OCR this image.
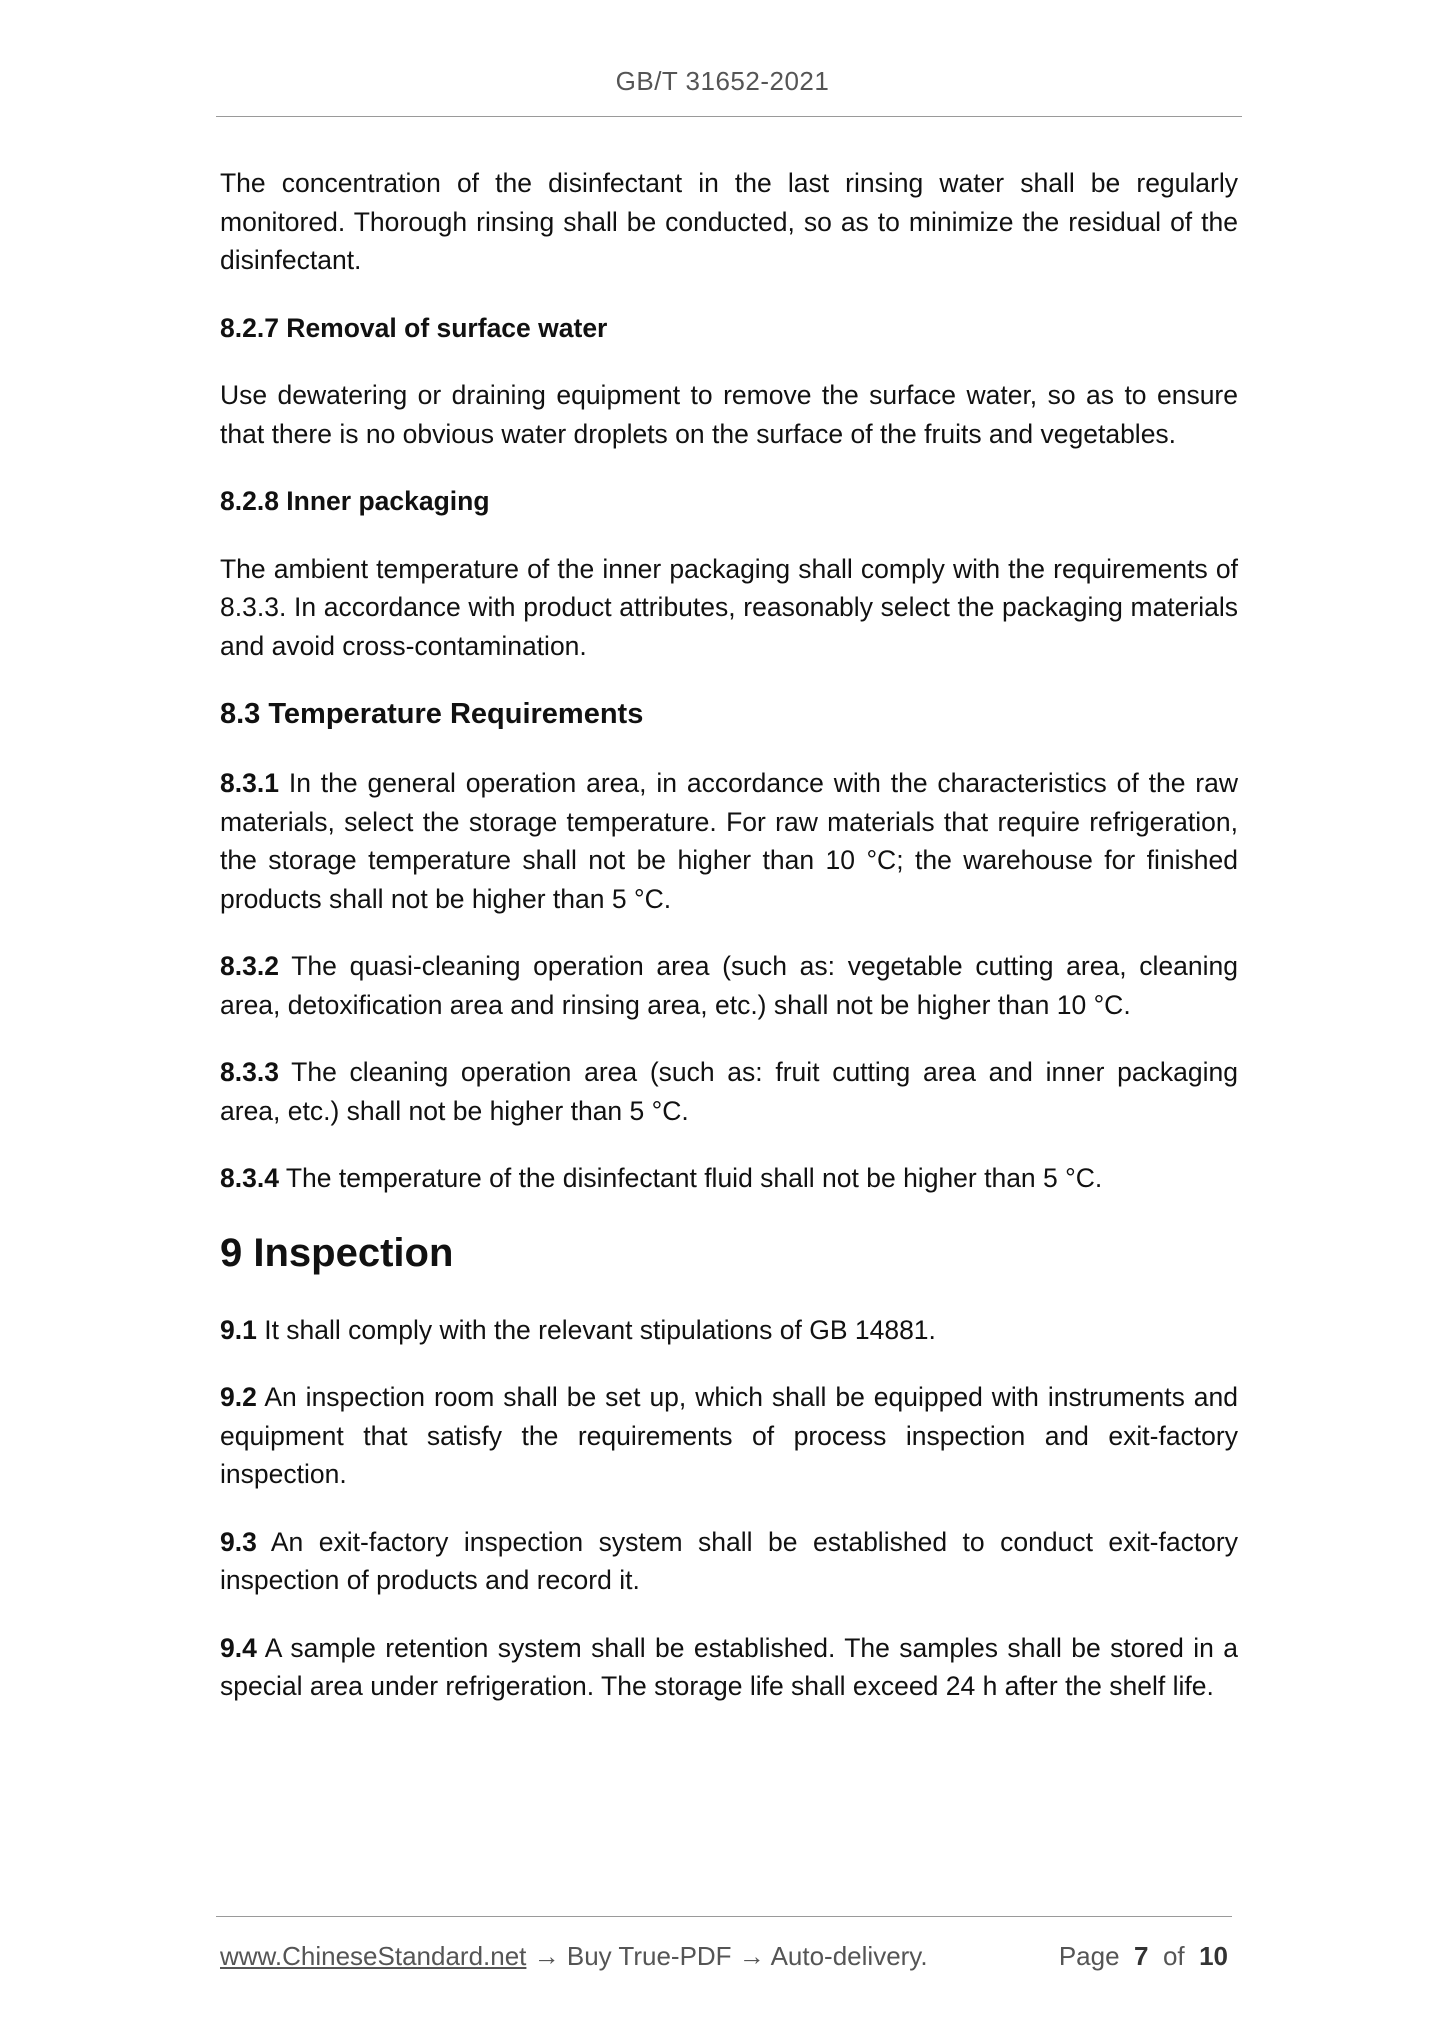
GB/T 31652-2021

The concentration of the disinfectant in the last rinsing water shall be regularly monitored. Thorough rinsing shall be conducted, so as to minimize the residual of the disinfectant.

8.2.7 Removal of surface water

Use dewatering or draining equipment to remove the surface water, so as to ensure that there is no obvious water droplets on the surface of the fruits and vegetables.

8.2.8 Inner packaging

The ambient temperature of the inner packaging shall comply with the requirements of 8.3.3. In accordance with product attributes, reasonably select the packaging materials and avoid cross-contamination.

8.3 Temperature Requirements

8.3.1 In the general operation area, in accordance with the characteristics of the raw materials, select the storage temperature. For raw materials that require refrigeration, the storage temperature shall not be higher than 10 °C; the warehouse for finished products shall not be higher than 5 °C.

8.3.2 The quasi-cleaning operation area (such as: vegetable cutting area, cleaning area, detoxification area and rinsing area, etc.) shall not be higher than 10 °C.

8.3.3 The cleaning operation area (such as: fruit cutting area and inner packaging area, etc.) shall not be higher than 5 °C.

8.3.4 The temperature of the disinfectant fluid shall not be higher than 5 °C.

9 Inspection

9.1 It shall comply with the relevant stipulations of GB 14881.

9.2 An inspection room shall be set up, which shall be equipped with instruments and equipment that satisfy the requirements of process inspection and exit-factory inspection.

9.3 An exit-factory inspection system shall be established to conduct exit-factory inspection of products and record it.

9.4 A sample retention system shall be established. The samples shall be stored in a special area under refrigeration. The storage life shall exceed 24 h after the shelf life.

www.ChineseStandard.net → Buy True-PDF → Auto-delivery.	Page 7 of 10
